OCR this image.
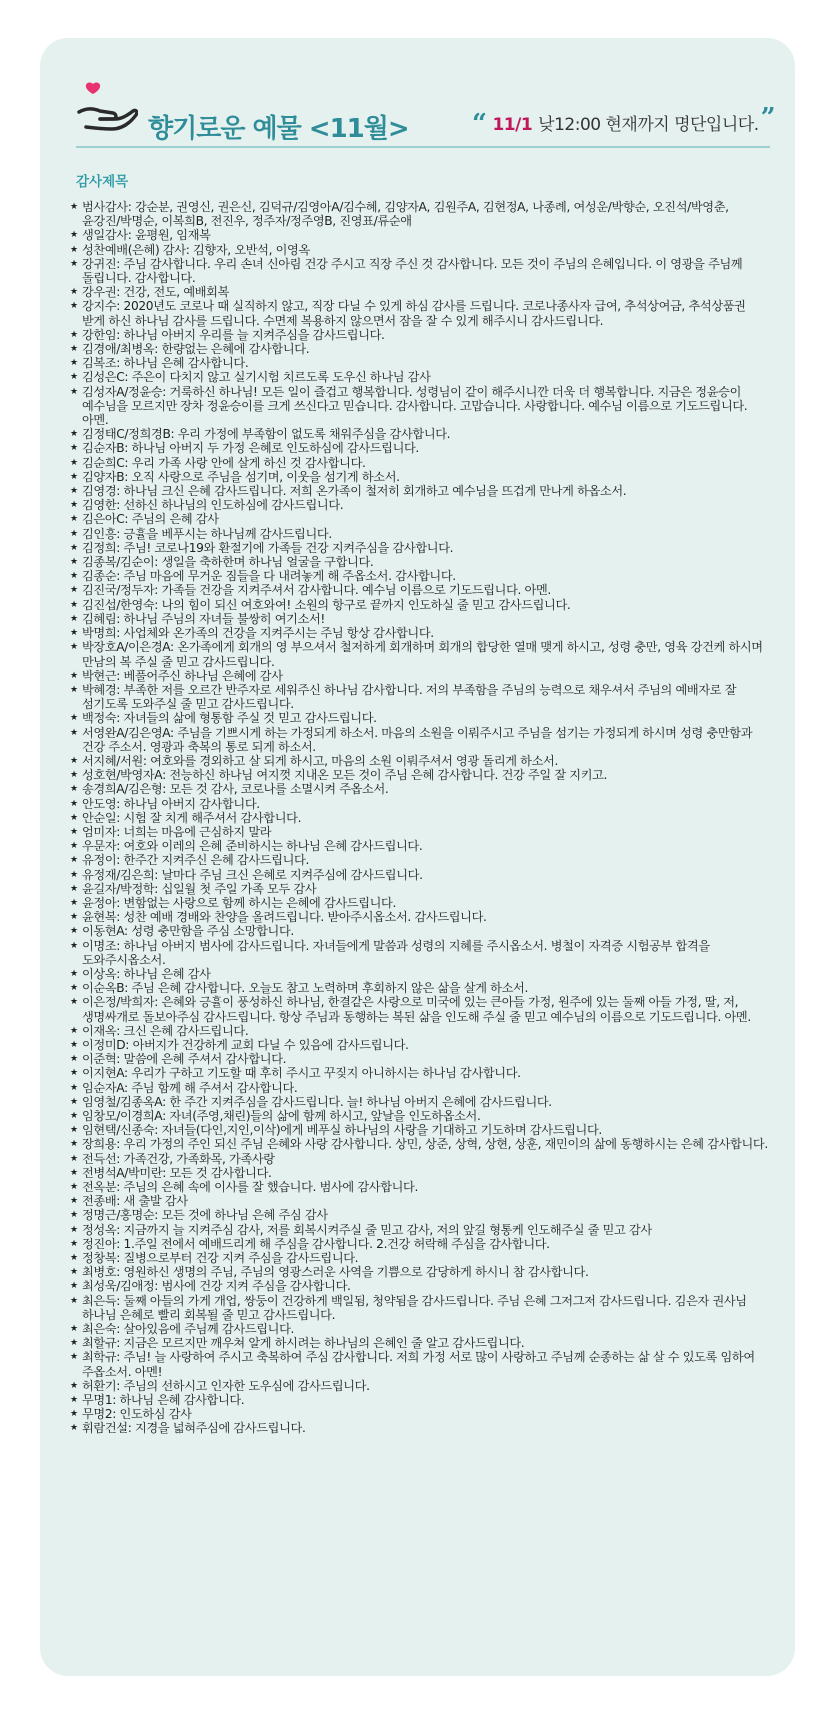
향기로운 예물 <11월> “ 11/1 낮12:00 현재까지 명단입니다.”
감사제목
★ 범사감사: 강순분, 권영신, 권은신, 김덕규/김영아A/김수혜, 김양자A, 김원주A, 김현정A, 나종례, 여성운/박향순, 오진석/박영춘, 윤강진/박명순, 이복희B, 전진우, 정주자/정주영B, 진영표/류순애
★ 생일감사: 윤평원, 임재복
★ 성찬예배(은혜) 감사: 김향자, 오반석, 이영옥
★ 강귀진: 주님 감사합니다. 우리 손녀 신아림 건강 주시고 직장 주신 것 감사합니다. 모든 것이 주님의 은혜입니다. 이 영광을 주님께 돌립니다. 감사합니다.
★ 강우권: 건강, 전도, 예배회복
★ 강지수: 2020년도 코로나 때 실직하지 않고, 직장 다닐 수 있게 하심 감사를 드립니다. 코로나종사자 급여, 추석상여금, 추석상품권 받게 하신 하나님 감사를 드립니다. 수면제 복용하지 않으면서 잠을 잘 수 있게 해주시니 감사드립니다.
★ 강한임: 하나님 아버지 우리를 늘 지켜주심을 감사드립니다.
★ 김경애/최병옥: 한량없는 은혜에 감사합니다.
★ 김복조: 하나님 은혜 감사합니다.
★ 김성은C: 주은이 다치지 않고 실기시험 치르도록 도우신 하나님 감사
★ 김성자A/정윤승: 거룩하신 하나님! 모든 일이 즐겁고 행복합니다. 성령님이 같이 해주시니깐 더욱 더 행복합니다. 지금은 정윤승이 예수님을 모르지만 장차 정윤승이를 크게 쓰신다고 믿습니다. 감사합니다. 고맙습니다. 사랑합니다. 예수님 이름으로 기도드립니다. 아멘.
★ 김정태C/정희경B: 우리 가정에 부족함이 없도록 채워주심을 감사합니다.
★ 김순자B: 하나님 아버지 두 가정 은혜로 인도하심에 감사드립니다.
★ 김순희C: 우리 가족 사랑 안에 살게 하신 것 감사합니다.
★ 김양자B: 오직 사랑으로 주님을 섬기며, 이웃을 섬기게 하소서.
★ 김영경: 하나님 크신 은혜 감사드립니다. 저희 온가족이 철저히 회개하고 예수님을 뜨겁게 만나게 하옵소서.
★ 김영한: 선하신 하나님의 인도하심에 감사드립니다.
★ 김은아C: 주님의 은혜 감사
★ 김인흥: 긍휼을 베푸시는 하나님께 감사드립니다.
★ 김정희: 주님! 코로나19와 환절기에 가족들 건강 지켜주심을 감사합니다.
★ 김종복/김순이: 생일을 축하한며 하나님 얼굴을 구합니다.
★ 김종순: 주님 마음에 무거운 짐들을 다 내려놓게 해 주옵소서. 감사합니다.
★ 김진국/정두자: 가족들 건강을 지켜주셔서 감사합니다. 예수님 이름으로 기도드립니다. 아멘.
★ 김진섭/한영숙: 나의 힘이 되신 여호와여! 소원의 항구로 끝까지 인도하실 줄 믿고 감사드립니다.
★ 김혜림: 하나님 주님의 자녀들 불쌍히 여기소서!
★ 박명희: 사업체와 온가족의 건강을 지켜주시는 주님 항상 감사합니다.
★ 박장호A/이은경A: 온가족에게 회개의 영 부으셔서 철저하게 회개하며 회개의 합당한 열매 맺게 하시고, 성령 충만, 영육 강건케 하시며 만남의 복 주실 줄 믿고 감사드립니다.
★ 박현근: 베풀어주신 하나님 은혜에 감사
★ 박혜경: 부족한 저를 오르간 반주자로 세워주신 하나님 감사합니다. 저의 부족함을 주님의 능력으로 채우셔서 주님의 예배자로 잘 섬기도록 도와주실 줄 믿고 감사드립니다.
★ 백정숙: 자녀들의 삶에 형통함 주실 것 믿고 감사드립니다.
★ 서영완A/김은영A: 주님을 기쁘시게 하는 가정되게 하소서. 마음의 소원을 이뤄주시고 주님을 섬기는 가정되게 하시며 성령 충만함과 건강 주소서. 영광과 축복의 통로 되게 하소서.
★ 서지혜/서원: 여호와를 경외하고 살 되게 하시고, 마음의 소원 이뤄주셔서 영광 돌리게 하소서.
★ 성호현/박영자A: 전능하신 하나님 여지껏 지내온 모든 것이 주님 은혜 감사합니다. 건강 주일 잘 지키고.
★ 송경희A/김은형: 모든 것 감사, 코로나를 소멸시켜 주옵소서.
★ 안도영: 하나님 아버지 감사합니다.
★ 안순일: 시험 잘 치게 해주셔서 감사합니다.
★ 엄미자: 너희는 마음에 근심하지 말라
★ 우문자: 여호와 이레의 은혜 준비하시는 하나님 은혜 감사드립니다.
★ 유정이: 한주간 지켜주신 은혜 감사드립니다.
★ 유정재/김은희: 날마다 주님 크신 은혜로 지켜주심에 감사드립니다.
★ 윤길자/박정학: 십일월 첫 주일 가족 모두 감사
★ 윤정아: 변함없는 사랑으로 함께 하시는 은혜에 감사드립니다.
★ 윤현복: 성찬 예배 경배와 찬양을 올려드립니다. 받아주시옵소서. 감사드립니다.
★ 이동현A: 성령 충만함을 주심 소망합니다.
★ 이명조: 하나님 아버지 범사에 감사드립니다. 자녀들에게 말씀과 성령의 지혜를 주시옵소서. 병철이 자격증 시험공부 합격을 도와주시옵소서.
★ 이상옥: 하나님 은혜 감사
★ 이순옥B: 주님 은혜 감사합니다. 오늘도 참고 노력하며 후회하지 않은 삶을 살게 하소서.
★ 이은정/박희자: 은혜와 긍휼이 풍성하신 하나님, 한결같은 사랑으로 미국에 있는 큰아들 가정, 원주에 있는 둘째 아들 가정, 딸, 저, 생명싸개로 돌보아주심 감사드립니다. 항상 주님과 동행하는 복된 삶을 인도해 주실 줄 믿고 예수님의 이름으로 기도드립니다. 아멘.
★ 이재옥: 크신 은혜 감사드립니다.
★ 이정미D: 아버지가 건강하게 교회 다닐 수 있음에 감사드립니다.
★ 이준혁: 말씀에 은혜 주셔서 감사합니다.
★ 이지현A: 우리가 구하고 기도할 때 후히 주시고 꾸짖지 아니하시는 하나님 감사합니다.
★ 임순자A: 주님 함께 해 주셔서 감사합니다.
★ 임영철/김종옥A: 한 주간 지켜주심을 감사드립니다. 늘! 하나님 아버지 은혜에 감사드립니다.
★ 임창모/이경희A: 자녀(주영,채린)들의 삶에 함께 하시고, 앞날을 인도하옵소서.
★ 임현택/신종숙: 자녀들(다인,지인,이삭)에게 베푸실 하나님의 사랑을 기대하고 기도하며 감사드립니다.
★ 장희용: 우리 가정의 주인 되신 주님 은혜와 사랑 감사합니다. 상민, 상준, 상혁, 상현, 상훈, 재민이의 삶에 동행하시는 은혜 감사합니다.
★ 전득선: 가족건강, 가족화목, 가족사랑
★ 전병석A/박미란: 모든 것 감사합니다.
★ 전옥분: 주님의 은혜 속에 이사를 잘 했습니다. 범사에 감사합니다.
★ 전종배: 새 출발 감사
★ 정명근/홍명순: 모든 것에 하나님 은혜 주심 감사
★ 정성옥: 지금까지 늘 지켜주심 감사, 저를 회복시켜주실 줄 믿고 감사, 저의 앞길 형통케 인도해주실 줄 믿고 감사
★ 정진아: 1.주일 전에서 예배드리게 해 주심을 감사합니다. 2.건강 허락해 주심을 감사합니다.
★ 정창복: 질병으로부터 건강 지켜 주심을 감사드립니다.
★ 최병호: 영원하신 생명의 주님, 주님의 영광스러운 사역을 기쁨으로 감당하게 하시니 참 감사합니다.
★ 최성욱/김애정: 범사에 건강 지켜 주심을 감사합니다.
★ 최은득: 둘째 아들의 가게 개업, 쌍둥이 건강하게 백일됨, 청약됨을 감사드립니다. 주님 은혜 그저그저 감사드립니다. 김은자 권사님 하나님 은혜로 빨리 회복될 줄 믿고 감사드립니다.
★ 최은숙: 살아있음에 주님께 감사드립니다.
★ 최할규: 지금은 모르지만 깨우쳐 알게 하시려는 하나님의 은혜인 줄 알고 감사드립니다.
★ 최학규: 주님! 늘 사랑하여 주시고 축복하여 주심 감사합니다. 저희 가정 서로 많이 사랑하고 주님께 순종하는 삶 살 수 있도록 임하여 주옵소서. 아멘!
★ 허환기: 주님의 선하시고 인자한 도우심에 감사드립니다.
★ 무명1: 하나님 은혜 감사합니다.
★ 무명2: 인도하심 감사
★ 휘람건설: 지경을 넓혀주심에 감사드립니다.
